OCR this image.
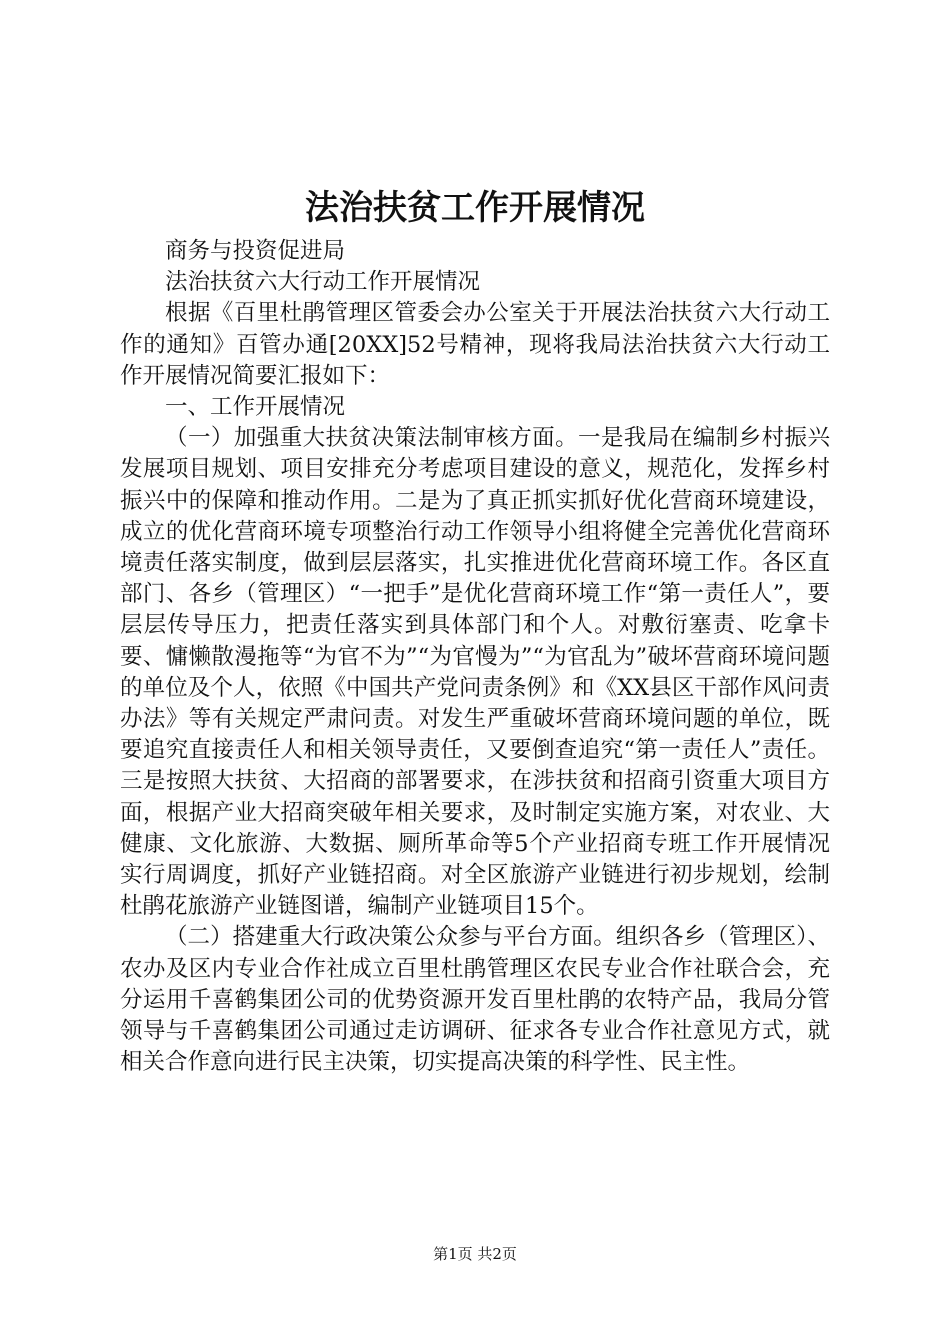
法治扶贫工作开展情况

商务与投资促进局

法治扶贫六大行动工作开展情况

根据《百里杜鹃管理区管委会办公室关于开展法治扶贫六大行动工作的通知》百管办通[20XX]52号精神，现将我局法治扶贫六大行动工作开展情况简要汇报如下：

一、工作开展情况

（一）加强重大扶贫决策法制审核方面。一是我局在编制乡村振兴发展项目规划、项目安排充分考虑项目建设的意义，规范化，发挥乡村振兴中的保障和推动作用。二是为了真正抓实抓好优化营商环境建设，成立的优化营商环境专项整治行动工作领导小组将健全完善优化营商环境责任落实制度，做到层层落实，扎实推进优化营商环境工作。各区直部门、各乡（管理区）“一把手”是优化营商环境工作“第一责任人”，要层层传导压力，把责任落实到具体部门和个人。对敷衍塞责、吃拿卡要、慵懒散漫拖等“为官不为”“为官慢为”“为官乱为”破坏营商环境问题的单位及个人，依照《中国共产党问责条例》和《XX县区干部作风问责办法》等有关规定严肃问责。对发生严重破坏营商环境问题的单位，既要追究直接责任人和相关领导责任，又要倒查追究“第一责任人”责任。三是按照大扶贫、大招商的部署要求，在涉扶贫和招商引资重大项目方面，根据产业大招商突破年相关要求，及时制定实施方案，对农业、大健康、文化旅游、大数据、厕所革命等5个产业招商专班工作开展情况实行周调度，抓好产业链招商。对全区旅游产业链进行初步规划，绘制杜鹃花旅游产业链图谱，编制产业链项目15个。

（二）搭建重大行政决策公众参与平台方面。组织各乡（管理区）、农办及区内专业合作社成立百里杜鹃管理区农民专业合作社联合会，充分运用千喜鹤集团公司的优势资源开发百里杜鹃的农特产品，我局分管领导与千喜鹤集团公司通过走访调研、征求各专业合作社意见方式，就相关合作意向进行民主决策，切实提高决策的科学性、民主性。

第1页 共2页
